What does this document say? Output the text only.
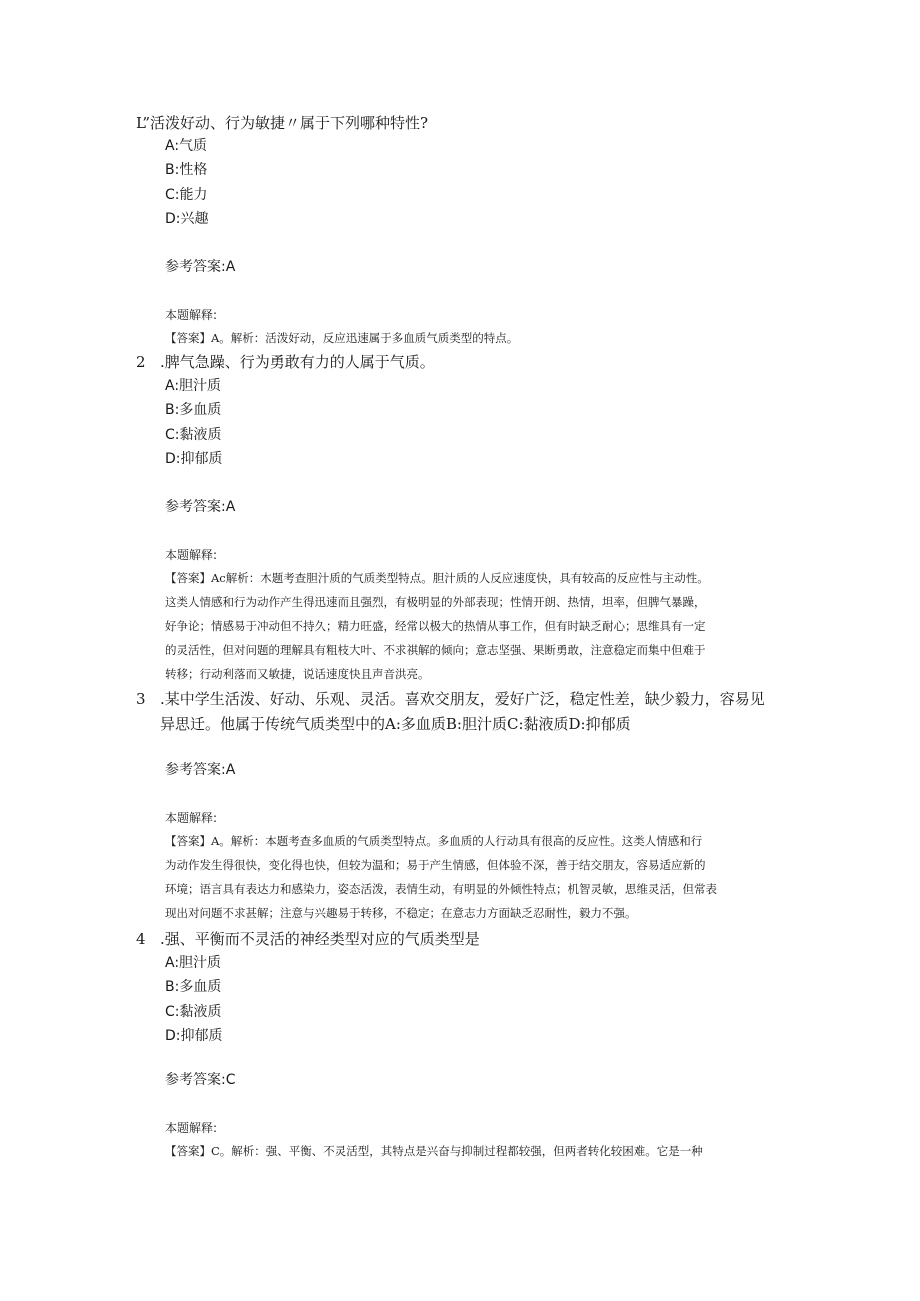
L”活泼好动、行为敏捷〃属于下列哪种特性?
A:气质
B:性格
C:能力
D:兴趣
参考答案:A
本题解释:
【答案】A。解析：活泼好动，反应迅速属于多血质气质类型的特点。
2 .脾气急躁、行为勇敢有力的人属于气质。
A:胆汁质
B:多血质
C:黏液质
D:抑郁质
参考答案:A
本题解释:
【答案】Ac解析：木题考查胆汁质的气质类型特点。胆汁质的人反应速度快，具有较高的反应性与主动性。
这类人情感和行为动作产生得迅速而且强烈，有极明显的外部表现；性情开朗、热情，坦率，但脾气暴躁，
好争论；情感易于冲动但不持久；精力旺盛，经常以极大的热情从事工作，但有时缺乏耐心；思维具有一定
的灵活性，但对问题的理解具有粗枝大叶、不求祺解的倾向；意志坚强、果断勇敢，注意稳定而集中但难于
转移；行动利落而又敏捷，说话速度快且声音洪亮。
3 .某中学生活泼、好动、乐观、灵活。喜欢交朋友，爱好广泛，稳定性差，缺少毅力，容易见
异思迁。他属于传统气质类型中的A:多血质B:胆汁质C:黏液质D:抑郁质
参考答案:A
本题解释:
【答案】A。解析：本题考查多血质的气质类型特点。多血质的人行动具有很高的反应性。这类人情感和行
为动作发生得很快，变化得也快，但较为温和；易于产生情感，但体验不深，善于结交朋友，容易适应新的
环境；语言具有表达力和感染力，姿态活泼，表情生动，有明显的外倾性特点；机智灵敏，思维灵活，但常表
现出对问题不求甚解；注意与兴趣易于转移，不稳定；在意志力方面缺乏忍耐性，毅力不强。
4 .强、平衡而不灵活的神经类型对应的气质类型是
A:胆汁质
B:多血质
C:黏液质
D:抑郁质
参考答案:C
本题解释:
【答案】C。解析：强、平衡、不灵活型，其特点是兴奋与抑制过程都较强，但两者转化较困难。它是一种
